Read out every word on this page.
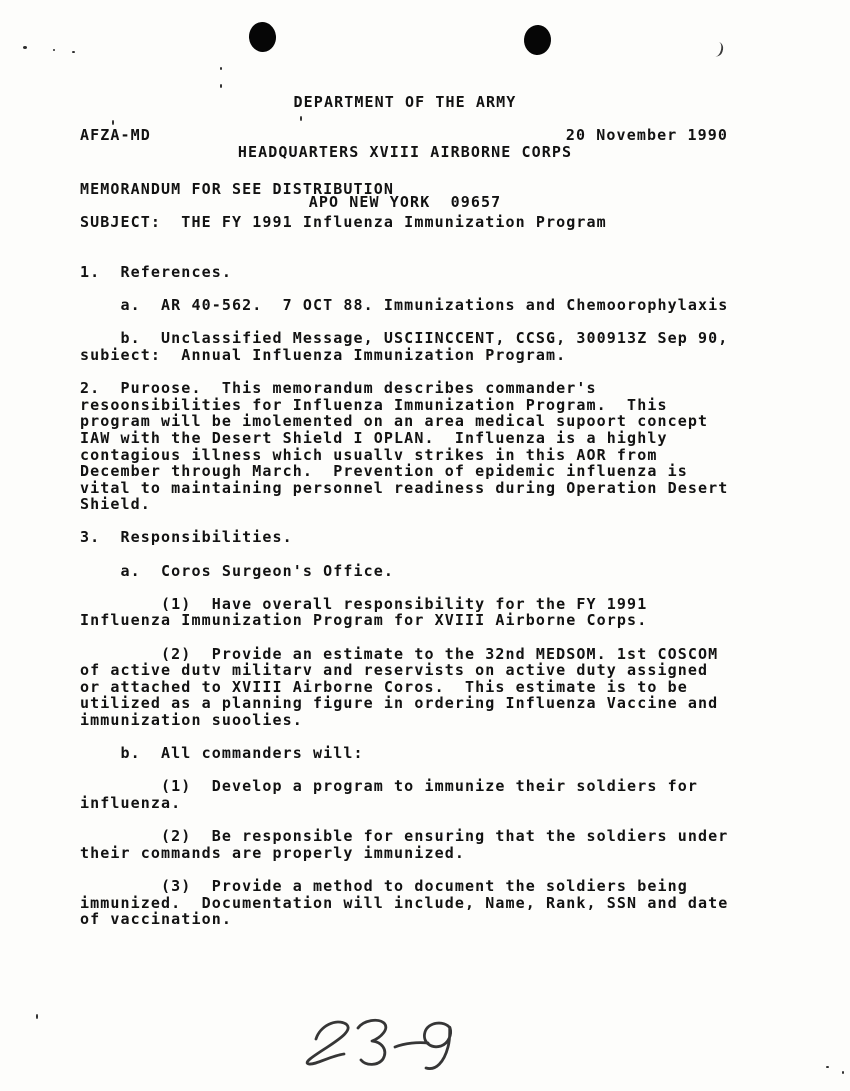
DEPARTMENT OF THE ARMY

HEADQUARTERS XVIII AIRBORNE CORPS

APO NEW YORK  09657

AFZA-MD	20 November 1990
MEMORANDUM FOR SEE DISTRIBUTION
SUBJECT:  THE FY 1991 Influenza Immunization Program
1.  References.
a.  AR 40-562.  7 OCT 88. Immunizations and Chemoorophylaxis
b.  Unclassified Message, USCIINCCENT, CCSG, 300913Z Sep 90,
subiect:  Annual Influenza Immunization Program.
2.  Puroose.  This memorandum describes commander's
resoonsibilities for Influenza Immunization Program.  This
program will be imolemented on an area medical supoort concept
IAW with the Desert Shield I OPLAN.  Influenza is a highly
contagious illness which usuallv strikes in this AOR from
December through March.  Prevention of epidemic influenza is
vital to maintaining personnel readiness during Operation Desert
Shield.
3.  Responsibilities.
a.  Coros Surgeon's Office.
(1)  Have overall responsibility for the FY 1991
Influenza Immunization Program for XVIII Airborne Corps.
(2)  Provide an estimate to the 32nd MEDSOM. 1st COSCOM
of active dutv militarv and reservists on active duty assigned
or attached to XVIII Airborne Coros.  This estimate is to be
utilized as a planning figure in ordering Influenza Vaccine and
immunization suoolies.
b.  All commanders will:
(1)  Develop a program to immunize their soldiers for
influenza.
(2)  Be responsible for ensuring that the soldiers under
their commands are properly immunized.
(3)  Provide a method to document the soldiers being
immunized.  Documentation will include, Name, Rank, SSN and date
of vaccination.
